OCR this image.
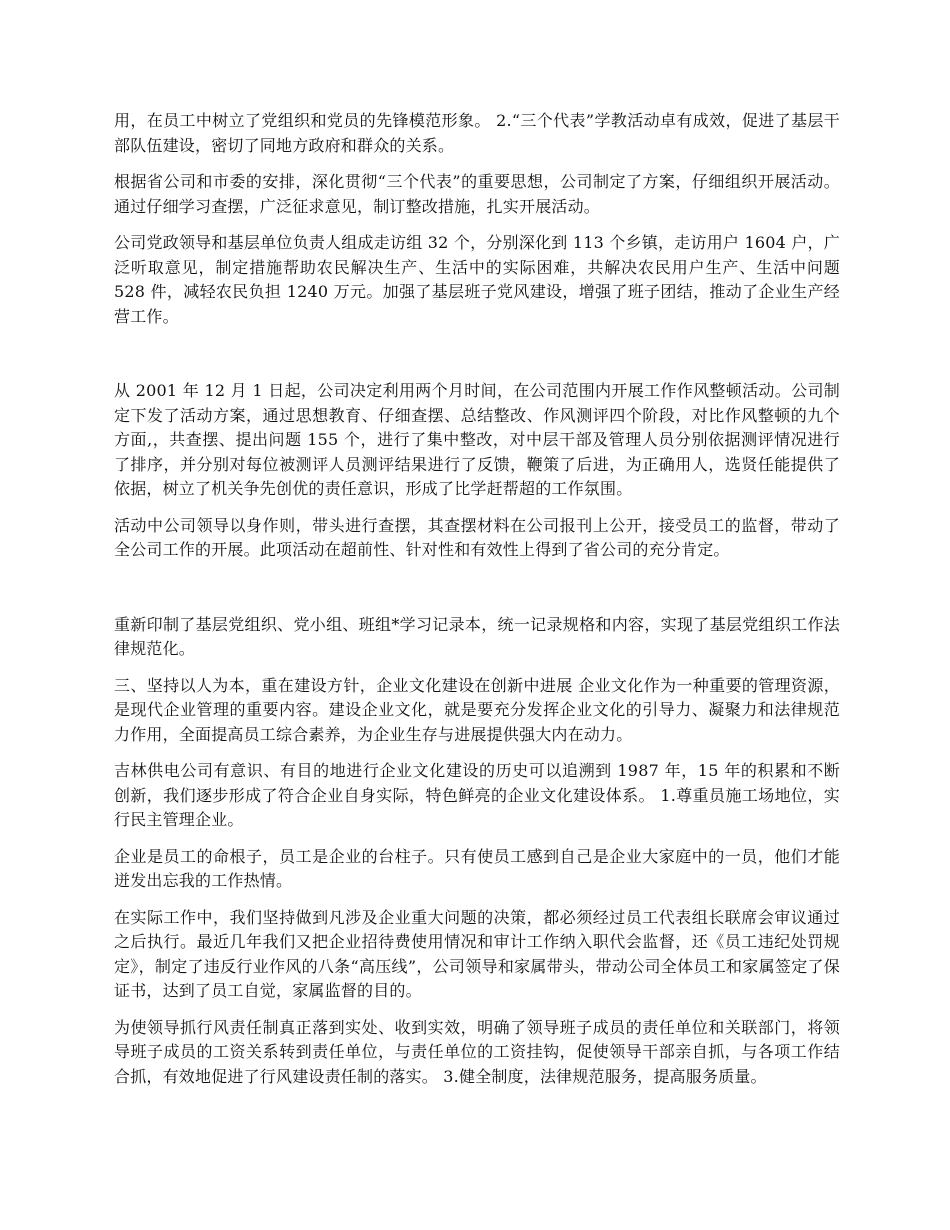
用，在员工中树立了党组织和党员的先锋模范形象。 2.“三个代表”学教活动卓有成效，促进了基层干部队伍建设，密切了同地方政府和群众的关系。

根据省公司和市委的安排，深化贯彻“三个代表”的重要思想，公司制定了方案，仔细组织开展活动。通过仔细学习查摆，广泛征求意见，制订整改措施，扎实开展活动。

公司党政领导和基层单位负责人组成走访组 32 个，分别深化到 113 个乡镇，走访用户 1604 户，广泛听取意见，制定措施帮助农民解决生产、生活中的实际困难，共解决农民用户生产、生活中问题 528 件，减轻农民负担 1240 万元。加强了基层班子党风建设，增强了班子团结，推动了企业生产经营工作。

从 2001 年 12 月 1 日起，公司决定利用两个月时间，在公司范围内开展工作作风整顿活动。公司制定下发了活动方案，通过思想教育、仔细查摆、总结整改、作风测评四个阶段，对比作风整顿的九个方面,，共查摆、提出问题 155 个，进行了集中整改，对中层干部及管理人员分别依据测评情况进行了排序，并分别对每位被测评人员测评结果进行了反馈，鞭策了后进，为正确用人，选贤任能提供了依据，树立了机关争先创优的责任意识，形成了比学赶帮超的工作氛围。

活动中公司领导以身作则，带头进行查摆，其查摆材料在公司报刊上公开，接受员工的监督，带动了全公司工作的开展。此项活动在超前性、针对性和有效性上得到了省公司的充分肯定。

重新印制了基层党组织、党小组、班组*学习记录本，统一记录规格和内容，实现了基层党组织工作法律规范化。

三、坚持以人为本，重在建设方针，企业文化建设在创新中进展 企业文化作为一种重要的管理资源，是现代企业管理的重要内容。建设企业文化，就是要充分发挥企业文化的引导力、凝聚力和法律规范力作用，全面提高员工综合素养，为企业生存与进展提供强大内在动力。

吉林供电公司有意识、有目的地进行企业文化建设的历史可以追溯到 1987 年，15 年的积累和不断创新，我们逐步形成了符合企业自身实际，特色鲜亮的企业文化建设体系。 1.尊重员施工场地位，实行民主管理企业。

企业是员工的命根子，员工是企业的台柱子。只有使员工感到自己是企业大家庭中的一员，他们才能迸发出忘我的工作热情。

在实际工作中，我们坚持做到凡涉及企业重大问题的决策，都必须经过员工代表组长联席会审议通过之后执行。最近几年我们又把企业招待费使用情况和审计工作纳入职代会监督，还《员工违纪处罚规定》，制定了违反行业作风的八条“高压线”，公司领导和家属带头，带动公司全体员工和家属签定了保证书，达到了员工自觉，家属监督的目的。

为使领导抓行风责任制真正落到实处、收到实效，明确了领导班子成员的责任单位和关联部门，将领导班子成员的工资关系转到责任单位，与责任单位的工资挂钩，促使领导干部亲自抓，与各项工作结合抓，有效地促进了行风建设责任制的落实。 3.健全制度，法律规范服务，提高服务质量。
